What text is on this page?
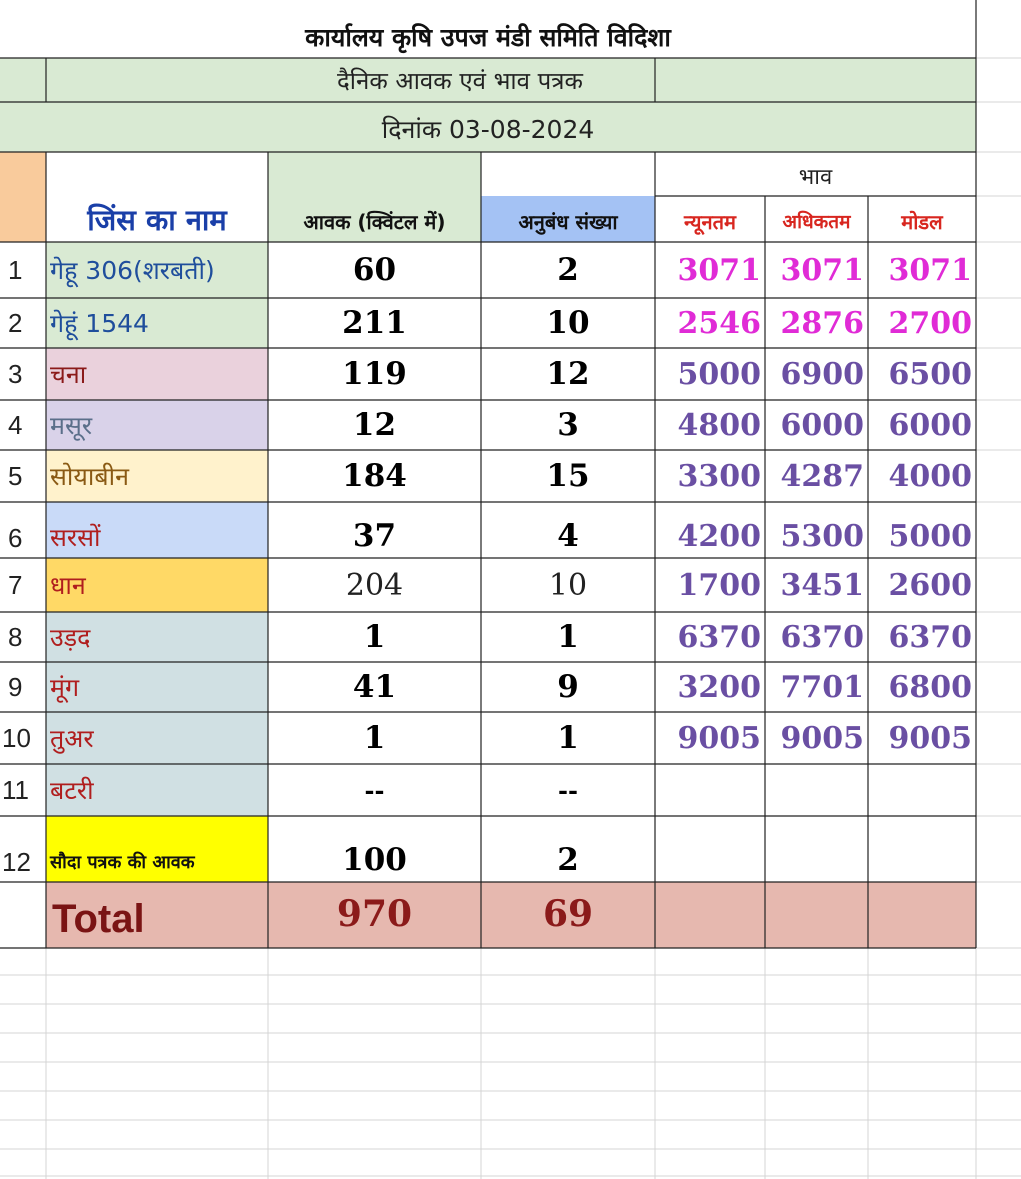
कार्यालय कृषि उपज मंडी समिति विदिशा
दैनिक आवक एवं भाव पत्रक
दिनांक 03-08-2024
जिंस का नाम	आवक (क्विंटल में)	अनुबंध संख्या
भाव
न्यूनतम	अधिकतम	मोडल
1	गेहू 306(शरबती)	60	2	3071 3071 3071
2	गेहूं 1544	211	10	2546 2876 2700
3	चना	119	12	5000 6900 6500
4	मसूर	12	3	4800 6000 6000
5	सोयाबीन	184	15	3300 4287 4000
6	सरसों	37	4	4200 5300 5000
7	धान	204	10	1700 3451 2600
8	उड़द	1	1	6370 6370 6370
9	मूंग	41	9	3200 7701 6800
10 तुअर	1	1	9005 9005 9005
11 बटरी	--	--
12	सौदा पत्रक की आवक	100	2
Total	970	69
